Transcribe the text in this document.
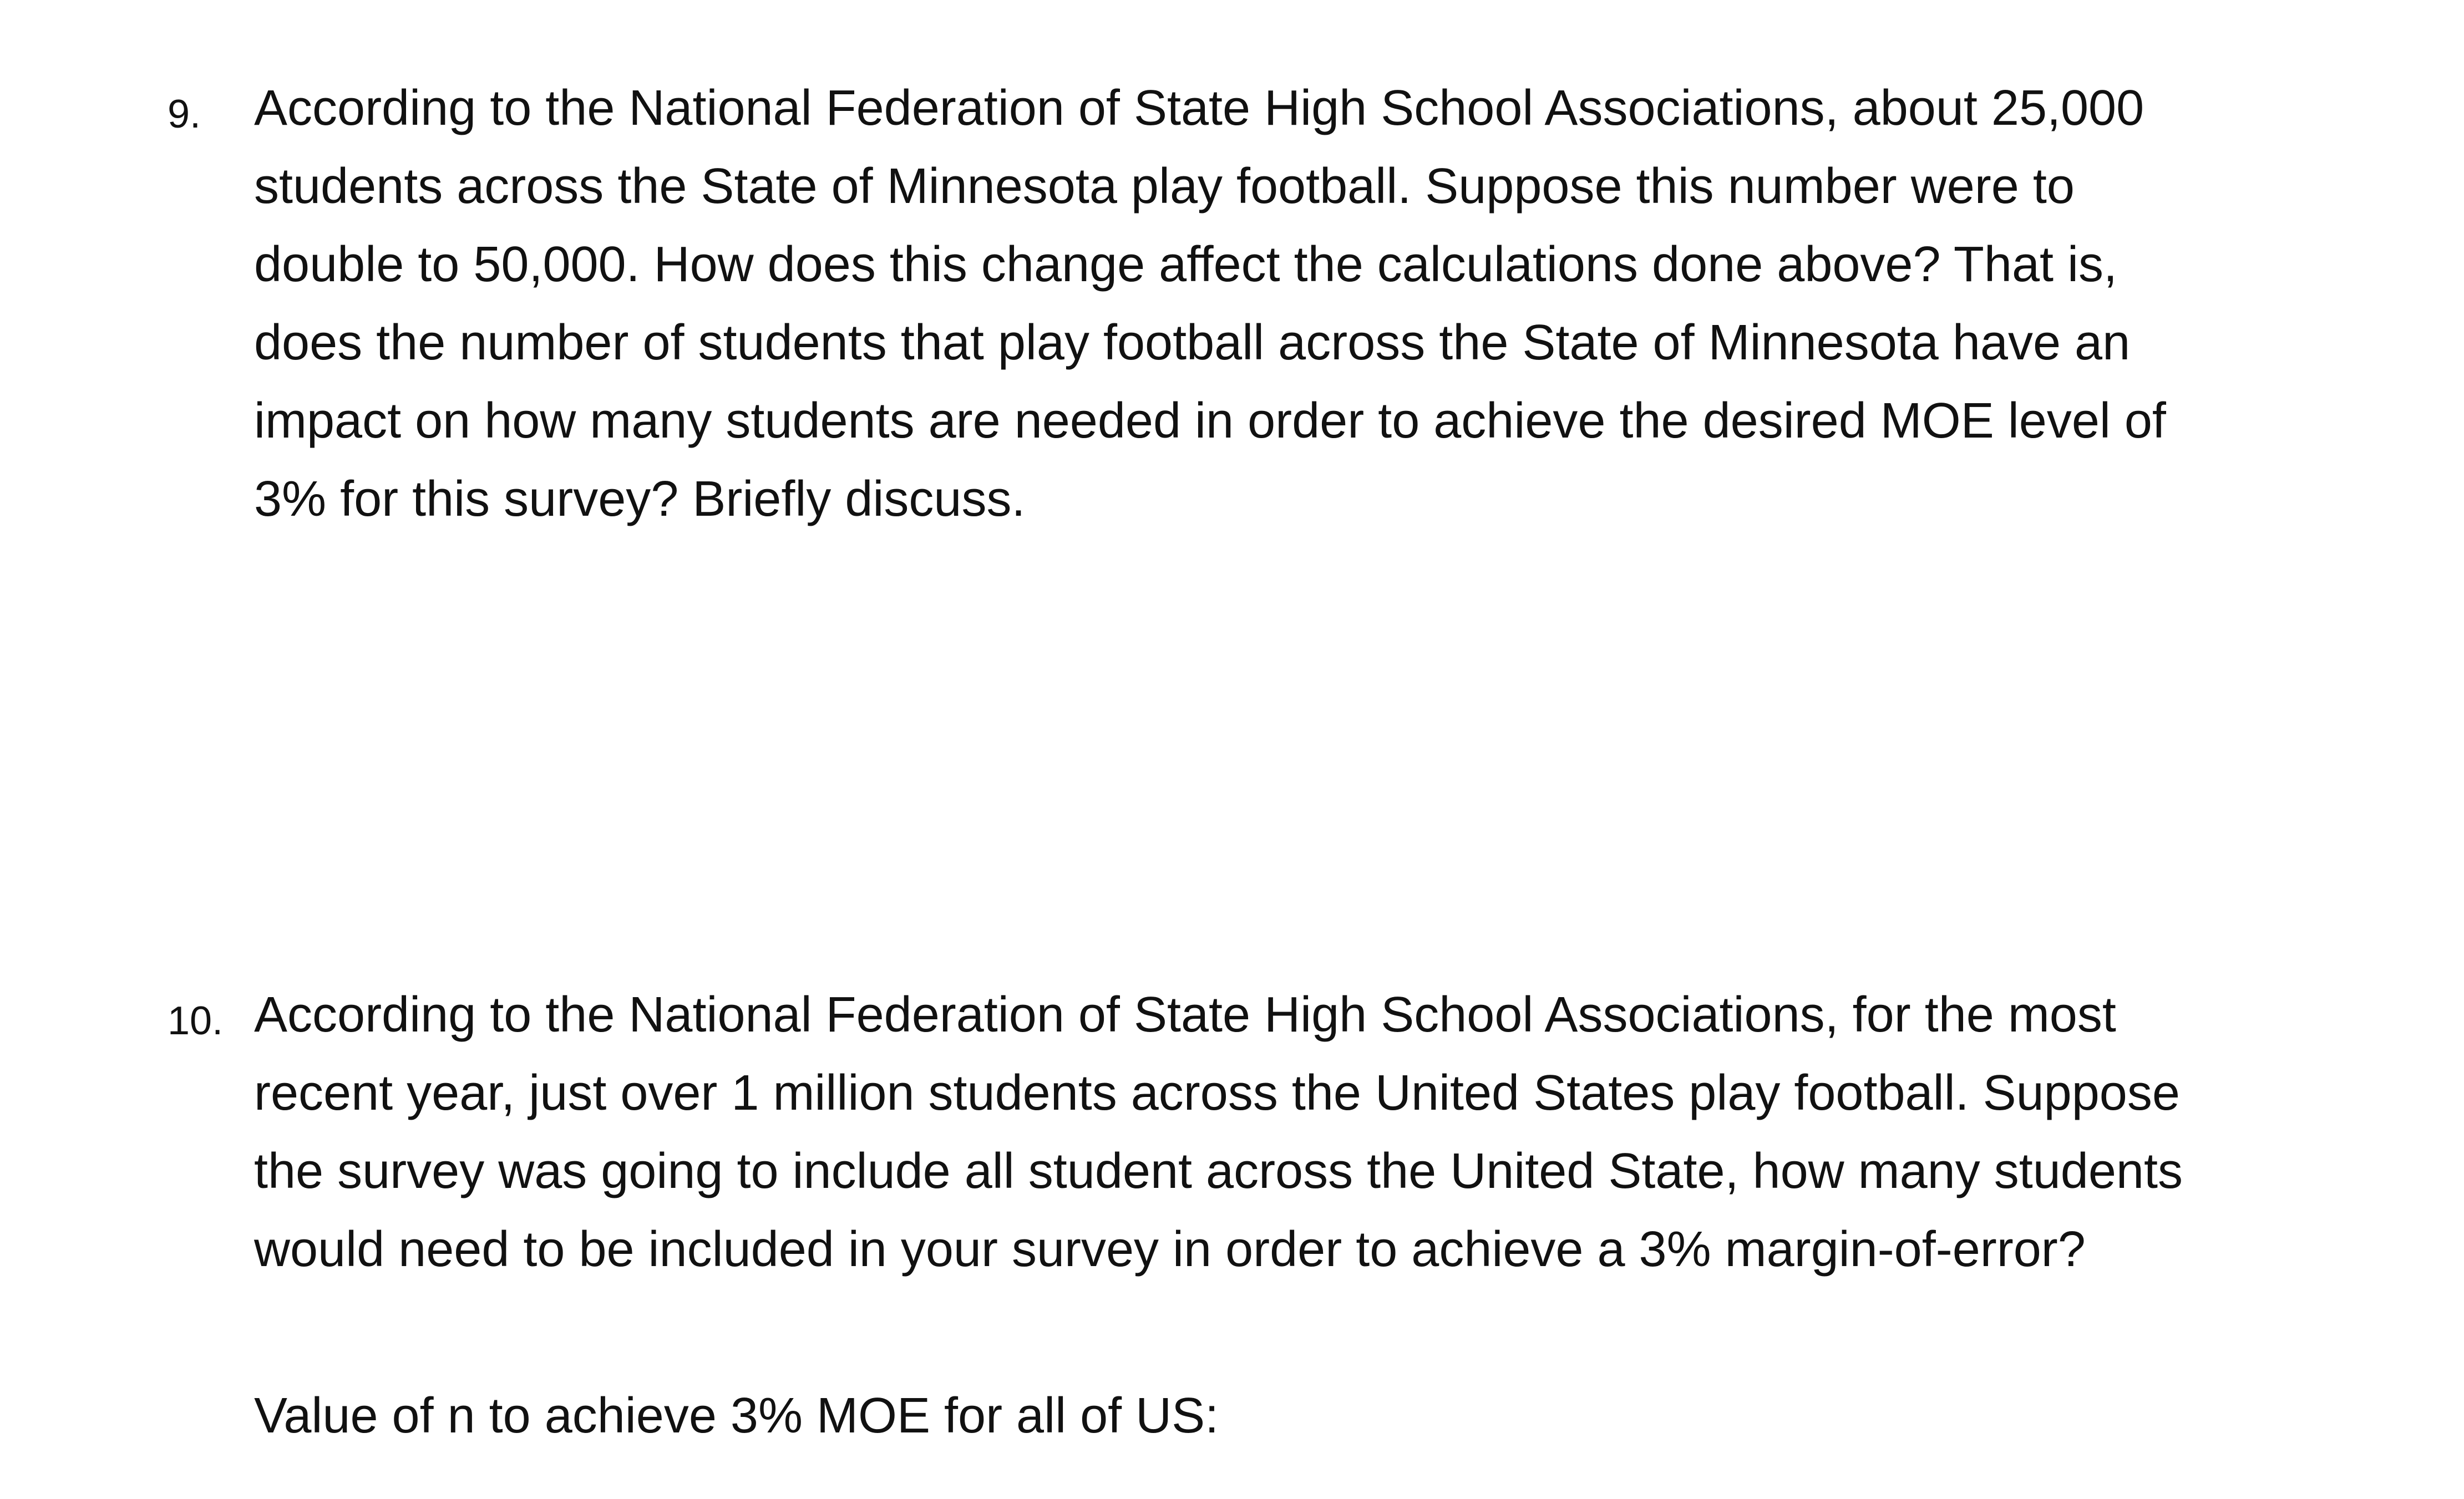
9. According to the National Federation of State High School Associations, about 25,000
students across the State of Minnesota play football. Suppose this number were to
double to 50,000. How does this change affect the calculations done above? That is,
does the number of students that play football across the State of Minnesota have an
impact on how many students are needed in order to achieve the desired MOE level of
3% for this survey? Briefly discuss.
10. According to the National Federation of State High School Associations, for the most
recent year, just over 1 million students across the United States play football. Suppose
the survey was going to include all student across the United State, how many students
would need to be included in your survey in order to achieve a 3% margin-of-error?
Value of n to achieve 3% MOE for all of US:
